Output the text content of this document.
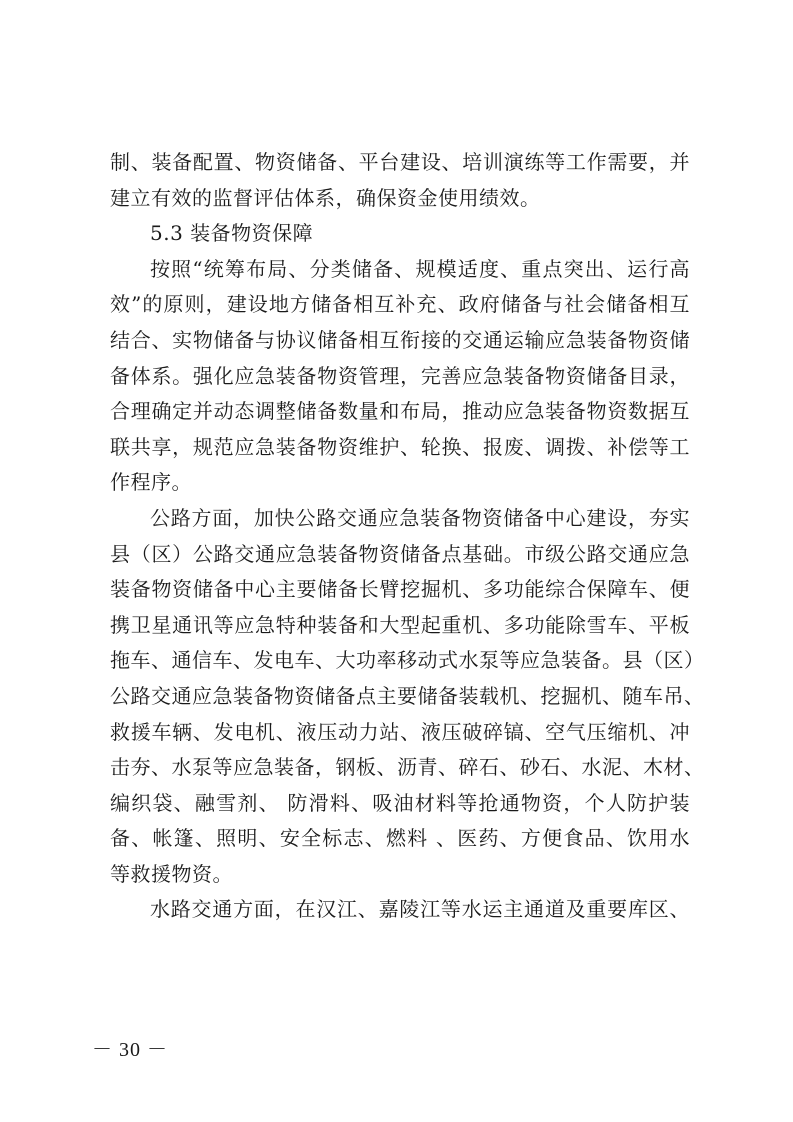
制、装备配置、物资储备、平台建设、培训演练等工作需要，并
建立有效的监督评估体系，确保资金使用绩效。
5.3 装备物资保障
按照“统筹布局、分类储备、规模适度、重点突出、运行高
效”的原则，建设地方储备相互补充、政府储备与社会储备相互
结合、实物储备与协议储备相互衔接的交通运输应急装备物资储
备体系。强化应急装备物资管理，完善应急装备物资储备目录，
合理确定并动态调整储备数量和布局，推动应急装备物资数据互
联共享，规范应急装备物资维护、轮换、报废、调拨、补偿等工
作程序。
公路方面，加快公路交通应急装备物资储备中心建设，夯实
县（区）公路交通应急装备物资储备点基础。市级公路交通应急
装备物资储备中心主要储备长臂挖掘机、多功能综合保障车、便
携卫星通讯等应急特种装备和大型起重机、多功能除雪车、平板
拖车、通信车、发电车、大功率移动式水泵等应急装备。县（区）
公路交通应急装备物资储备点主要储备装载机、挖掘机、随车吊、
救援车辆、发电机、液压动力站、液压破碎镐、空气压缩机、冲
击夯、水泵等应急装备，钢板、沥青、碎石、砂石、水泥、木材、
编织袋、融雪剂、 防滑料、吸油材料等抢通物资，个人防护装
备、帐篷、照明、安全标志、燃料 、医药、方便食品、饮用水
等救援物资。
水路交通方面，在汉江、嘉陵江等水运主通道及重要库区、
－ 30 －
